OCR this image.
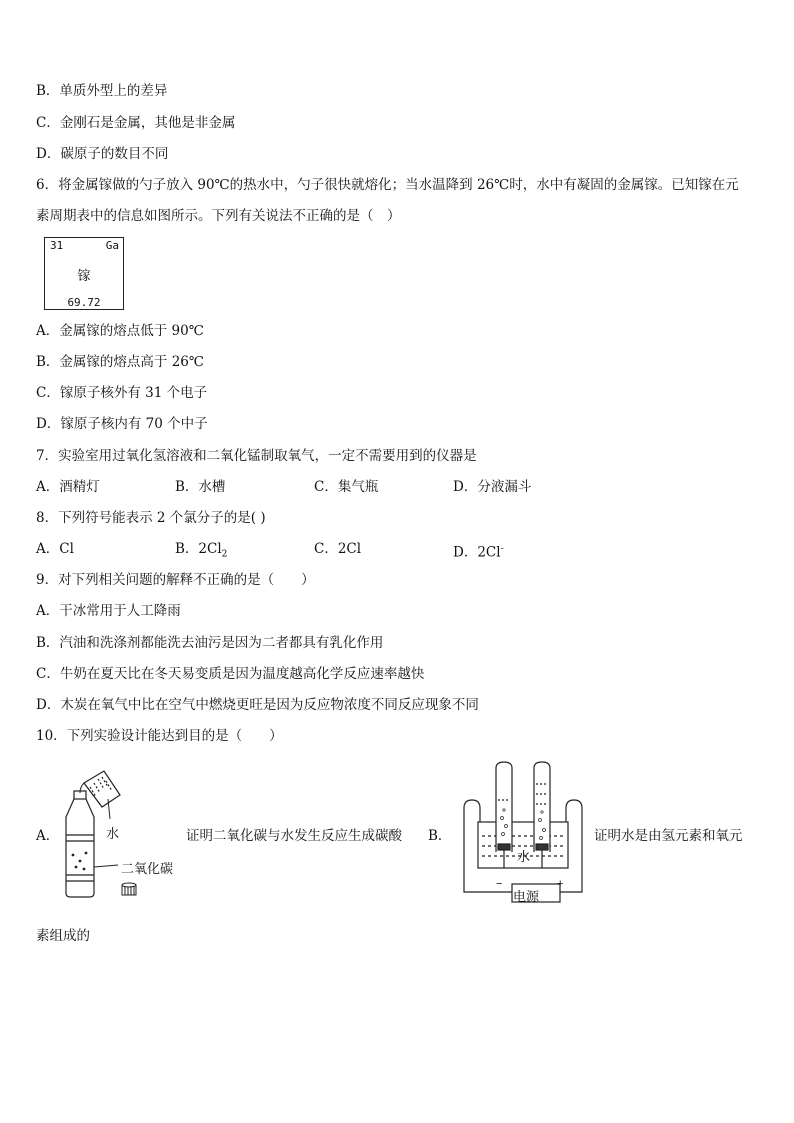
B．单质外型上的差异
C．金刚石是金属，其他是非金属
D．碳原子的数目不同
6．将金属镓做的勺子放入 90℃的热水中，勺子很快就熔化；当水温降到 26℃时，水中有凝固的金属镓。已知镓在元
素周期表中的信息如图所示。下列有关说法不正确的是（　）
31	Ga
镓
69.72
A．金属镓的熔点低于 90℃
B．金属镓的熔点高于 26℃
C．镓原子核外有 31 个电子
D．镓原子核内有 70 个中子
7．实验室用过氧化氢溶液和二氧化锰制取氧气，一定不需要用到的仪器是
A．酒精灯	B．水槽	C．集气瓶	D．分液漏斗
8．下列符号能表示 2 个氯分子的是( )
A．Cl	B．$2Cl_2$	C．2Cl	D．2Cl-
9．对下列相关问题的解释不正确的是（　　）
A．干冰常用于人工降雨
B．汽油和洗涤剂都能洗去油污是因为二者都具有乳化作用
C．牛奶在夏天比在冬天易变质是因为温度越高化学反应速率越快
D．木炭在氧气中比在空气中燃烧更旺是因为反应物浓度不同反应现象不同
10．下列实验设计能达到目的是（　　）
A．	水
二氧化碳
证明二氧化碳与水发生反应生成碳酸 B．
水
电源
−	+
证明水是由氢元素和氧元
素组成的
